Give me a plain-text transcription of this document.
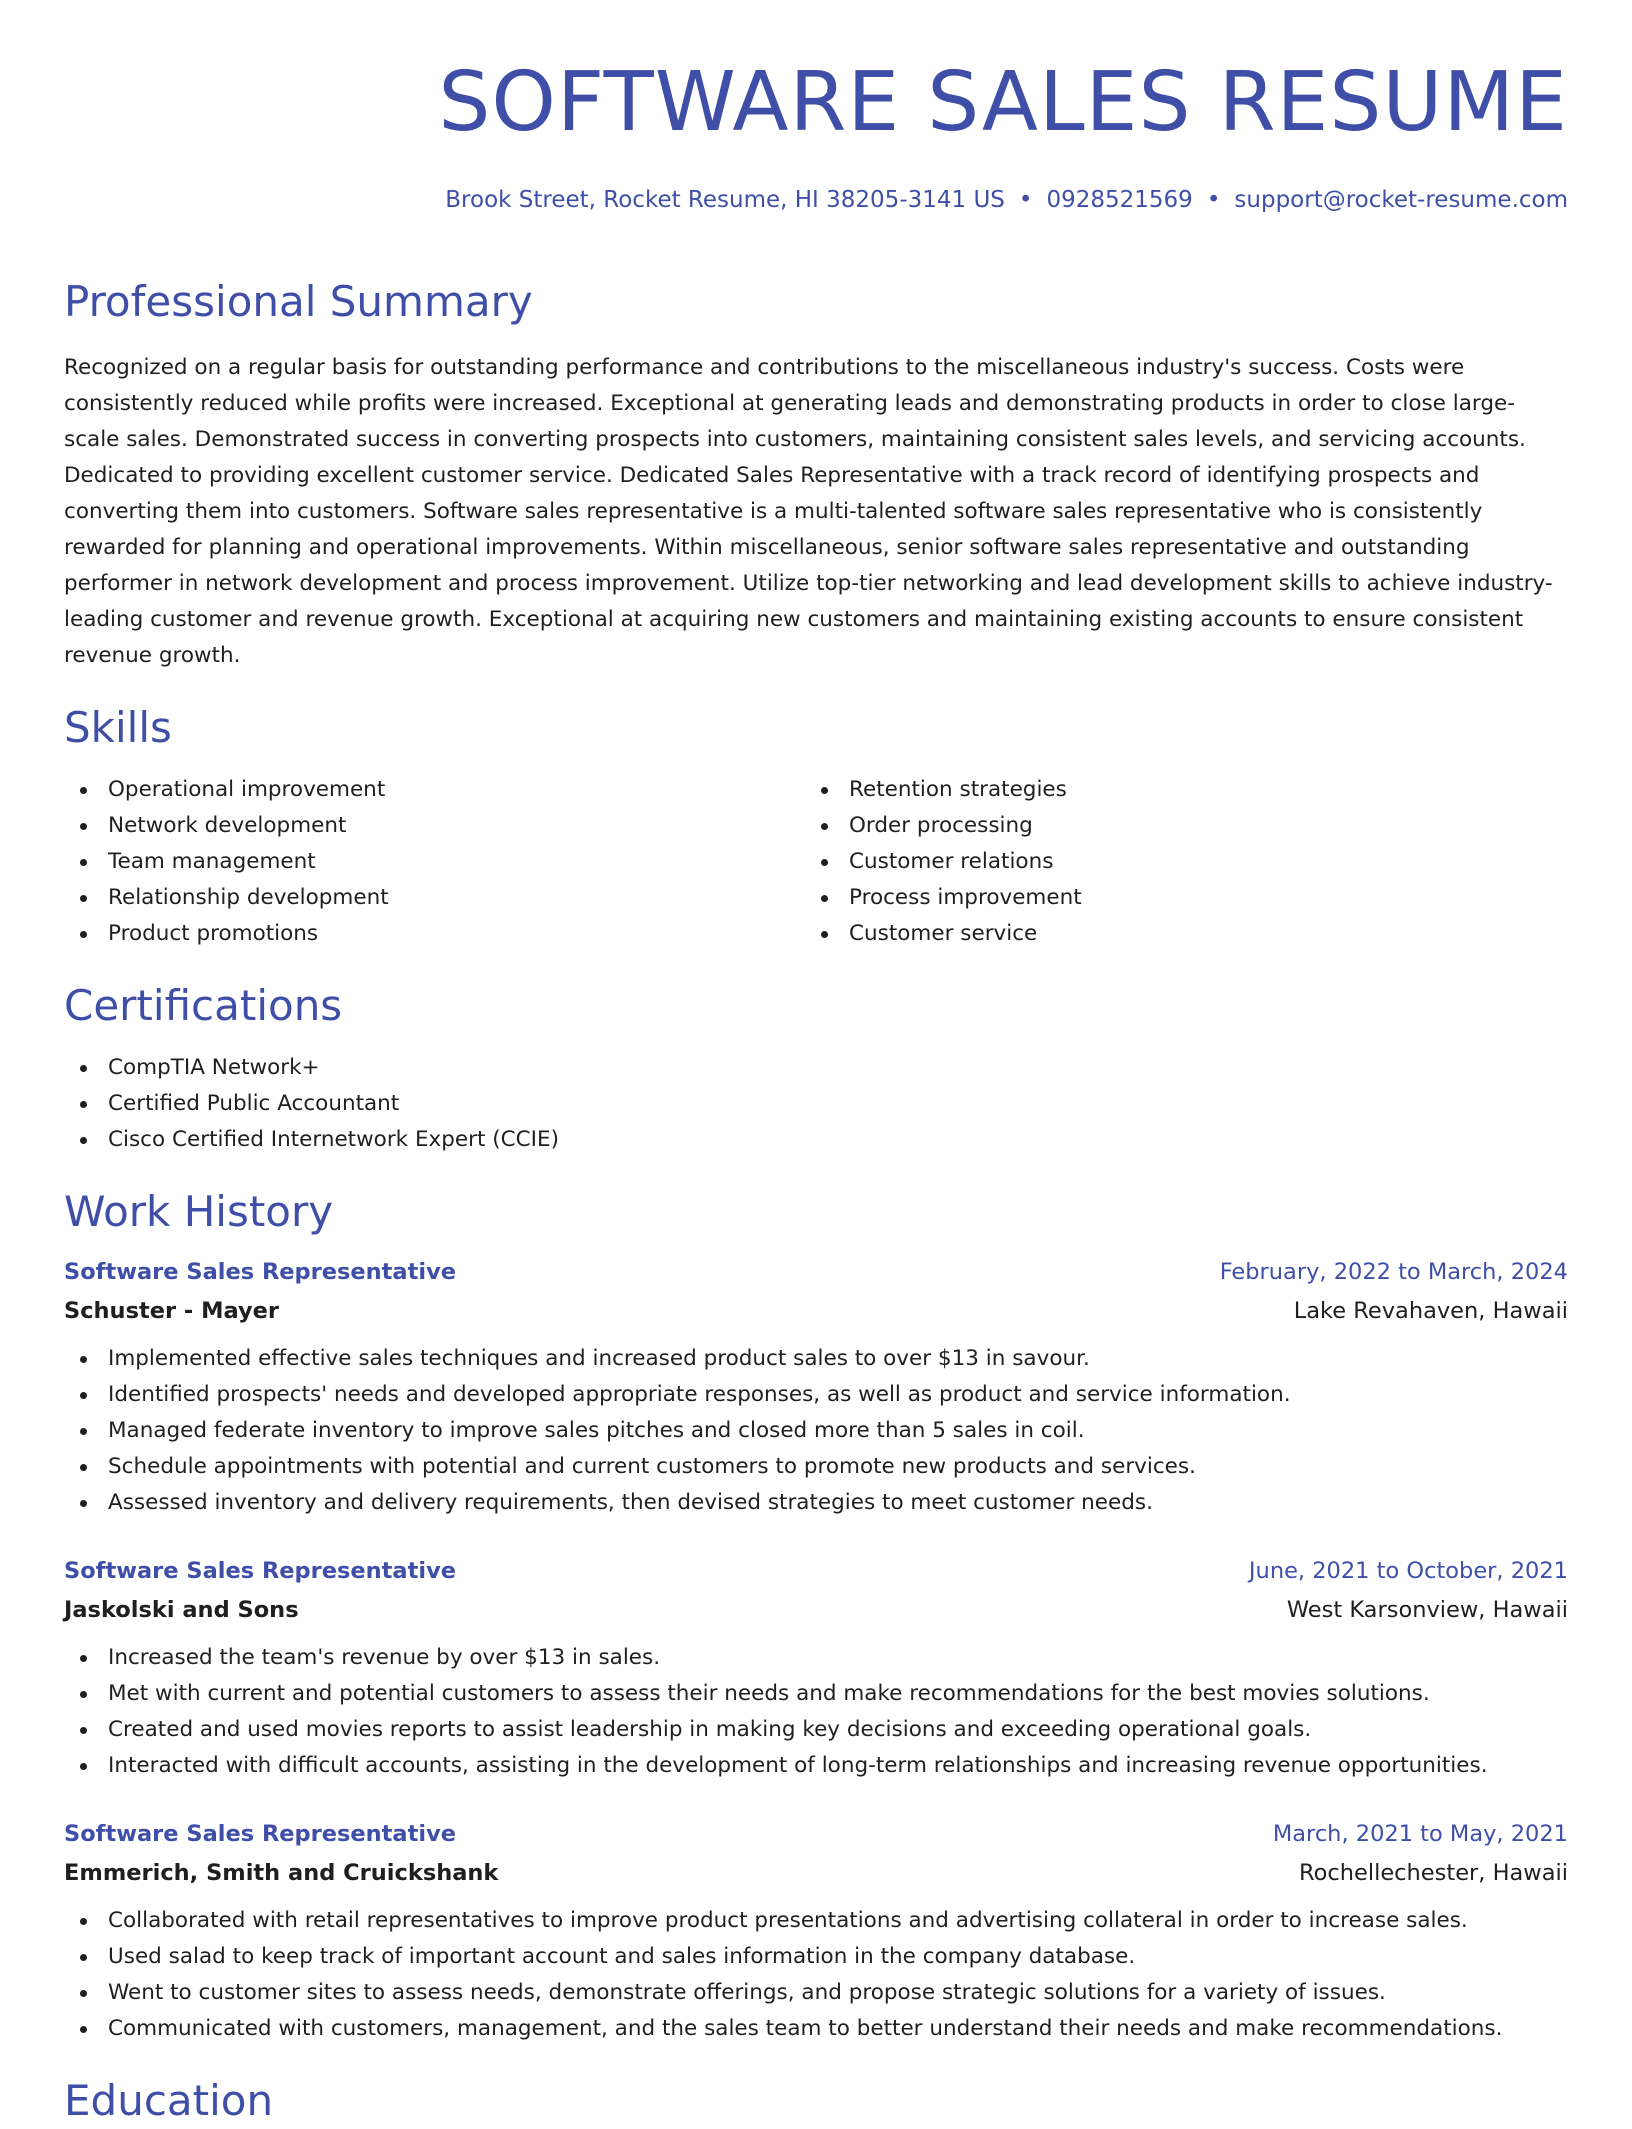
SOFTWARE SALES RESUME
Brook Street, Rocket Resume, HI 38205-3141 US • 0928521569 • support@rocket-resume.com
Professional Summary

Recognized on a regular basis for outstanding performance and contributions to the miscellaneous industry's success. Costs were consistently reduced while profits were increased. Exceptional at generating leads and demonstrating products in order to close large-scale sales. Demonstrated success in converting prospects into customers, maintaining consistent sales levels, and servicing accounts. Dedicated to providing excellent customer service. Dedicated Sales Representative with a track record of identifying prospects and converting them into customers. Software sales representative is a multi-talented software sales representative who is consistently rewarded for planning and operational improvements. Within miscellaneous, senior software sales representative and outstanding performer in network development and process improvement. Utilize top-tier networking and lead development skills to achieve industry-leading customer and revenue growth. Exceptional at acquiring new customers and maintaining existing accounts to ensure consistent revenue growth.

Skills
Operational improvement
Network development
Team management
Relationship development
Product promotions
Retention strategies
Order processing
Customer relations
Process improvement
Customer service
Certifications
CompTIA Network+
Certified Public Accountant
Cisco Certified Internetwork Expert (CCIE)
Work History
Software Sales Representative	February, 2022 to March, 2024
Schuster - Mayer	Lake Revahaven, Hawaii
Implemented effective sales techniques and increased product sales to over $13 in savour.
Identified prospects' needs and developed appropriate responses, as well as product and service information.
Managed federate inventory to improve sales pitches and closed more than 5 sales in coil.
Schedule appointments with potential and current customers to promote new products and services.
Assessed inventory and delivery requirements, then devised strategies to meet customer needs.
Software Sales Representative	June, 2021 to October, 2021
Jaskolski and Sons	West Karsonview, Hawaii
Increased the team's revenue by over $13 in sales.
Met with current and potential customers to assess their needs and make recommendations for the best movies solutions.
Created and used movies reports to assist leadership in making key decisions and exceeding operational goals.
Interacted with difficult accounts, assisting in the development of long-term relationships and increasing revenue opportunities.
Software Sales Representative	March, 2021 to May, 2021
Emmerich, Smith and Cruickshank	Rochellechester, Hawaii
Collaborated with retail representatives to improve product presentations and advertising collateral in order to increase sales.
Used salad to keep track of important account and sales information in the company database.
Went to customer sites to assess needs, demonstrate offerings, and propose strategic solutions for a variety of issues.
Communicated with customers, management, and the sales team to better understand their needs and make recommendations.
Education
